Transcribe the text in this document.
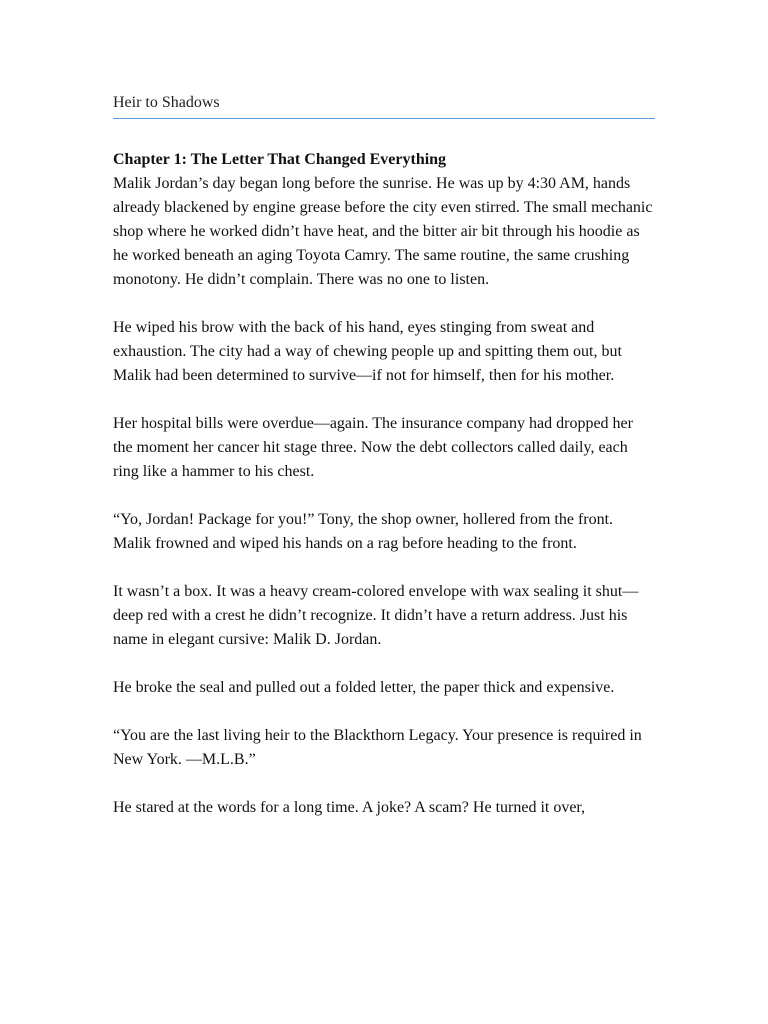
Heir to Shadows
Chapter 1: The Letter That Changed Everything

Malik Jordan’s day began long before the sunrise. He was up by 4:30 AM, hands already blackened by engine grease before the city even stirred. The small mechanic shop where he worked didn’t have heat, and the bitter air bit through his hoodie as he worked beneath an aging Toyota Camry. The same routine, the same crushing monotony. He didn’t complain. There was no one to listen.

He wiped his brow with the back of his hand, eyes stinging from sweat and exhaustion. The city had a way of chewing people up and spitting them out, but Malik had been determined to survive—if not for himself, then for his mother.

Her hospital bills were overdue—again. The insurance company had dropped her the moment her cancer hit stage three. Now the debt collectors called daily, each ring like a hammer to his chest.

“Yo, Jordan! Package for you!” Tony, the shop owner, hollered from the front. Malik frowned and wiped his hands on a rag before heading to the front.

It wasn’t a box. It was a heavy cream-colored envelope with wax sealing it shut—deep red with a crest he didn’t recognize. It didn’t have a return address. Just his name in elegant cursive: Malik D. Jordan.

He broke the seal and pulled out a folded letter, the paper thick and expensive.

“You are the last living heir to the Blackthorn Legacy. Your presence is required in New York. —M.L.B.”

He stared at the words for a long time. A joke? A scam? He turned it over,
